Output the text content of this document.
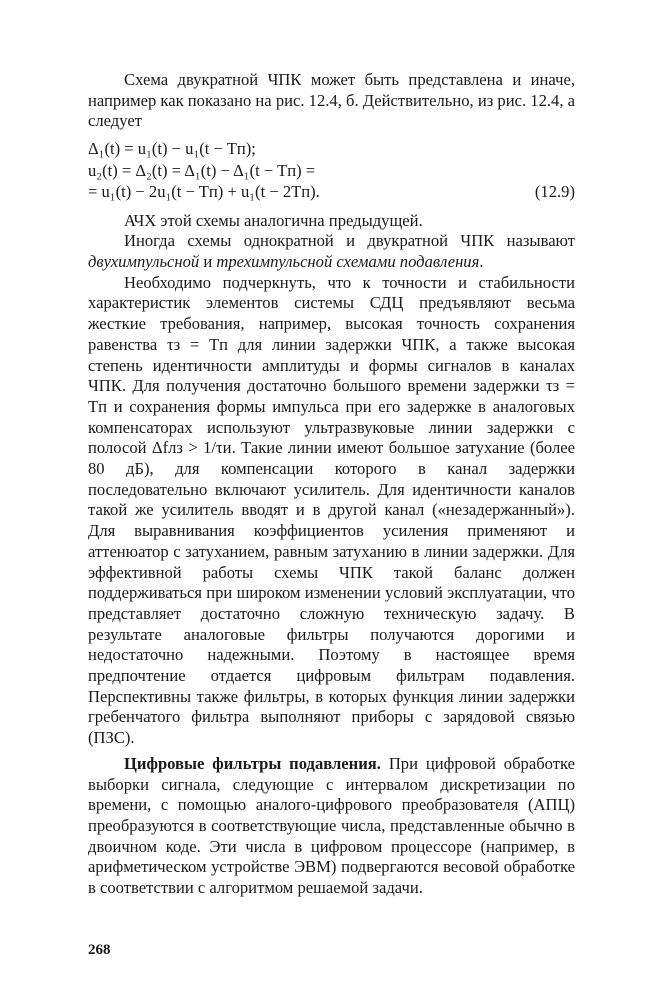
Схема двукратной ЧПК может быть представлена и иначе, например как показано на рис. 12.4, б. Действительно, из рис. 12.4, а следует

Δ₁(t) = u₁(t) − u₁(t − Tп);
u₂(t) = Δ₂(t) = Δ₁(t) − Δ₁(t − Tп) =
= u₁(t) − 2u₁(t − Tп) + u₁(t − 2Tп).	(12.9)

АЧХ этой схемы аналогична предыдущей.

Иногда схемы однократной и двукратной ЧПК называют двухимпульсной и трехимпульсной схемами подавления.

Необходимо подчеркнуть, что к точности и стабильности характеристик элементов системы СДЦ предъявляют весьма жесткие требования, например, высокая точность сохранения равенства τз = Tп для линии задержки ЧПК, а также высокая степень идентичности амплитуды и формы сигналов в каналах ЧПК. Для получения достаточно большого времени задержки τз = Tп и сохранения формы импульса при его задержке в аналоговых компенсаторах используют ультразвуковые линии задержки с полосой Δfлз > 1/τи. Такие линии имеют большое затухание (более 80 дБ), для компенсации которого в канал задержки последовательно включают усилитель. Для идентичности каналов такой же усилитель вводят и в другой канал («незадержанный»). Для выравнивания коэффициентов усиления применяют и аттенюатор с затуханием, равным затуханию в линии задержки. Для эффективной работы схемы ЧПК такой баланс должен поддерживаться при широком изменении условий эксплуатации, что представляет достаточно сложную техническую задачу. В результате аналоговые фильтры получаются дорогими и недостаточно надежными. Поэтому в настоящее время предпочтение отдается цифровым фильтрам подавления. Перспективны также фильтры, в которых функция линии задержки гребенчатого фильтра выполняют приборы с зарядовой связью (ПЗС).

Цифровые фильтры подавления. При цифровой обработке выборки сигнала, следующие с интервалом дискретизации по времени, с помощью аналого-цифрового преобразователя (АПЦ) преобразуются в соответствующие числа, представленные обычно в двоичном коде. Эти числа в цифровом процессоре (например, в арифметическом устройстве ЭВМ) подвергаются весовой обработке в соответствии с алгоритмом решаемой задачи.

268
